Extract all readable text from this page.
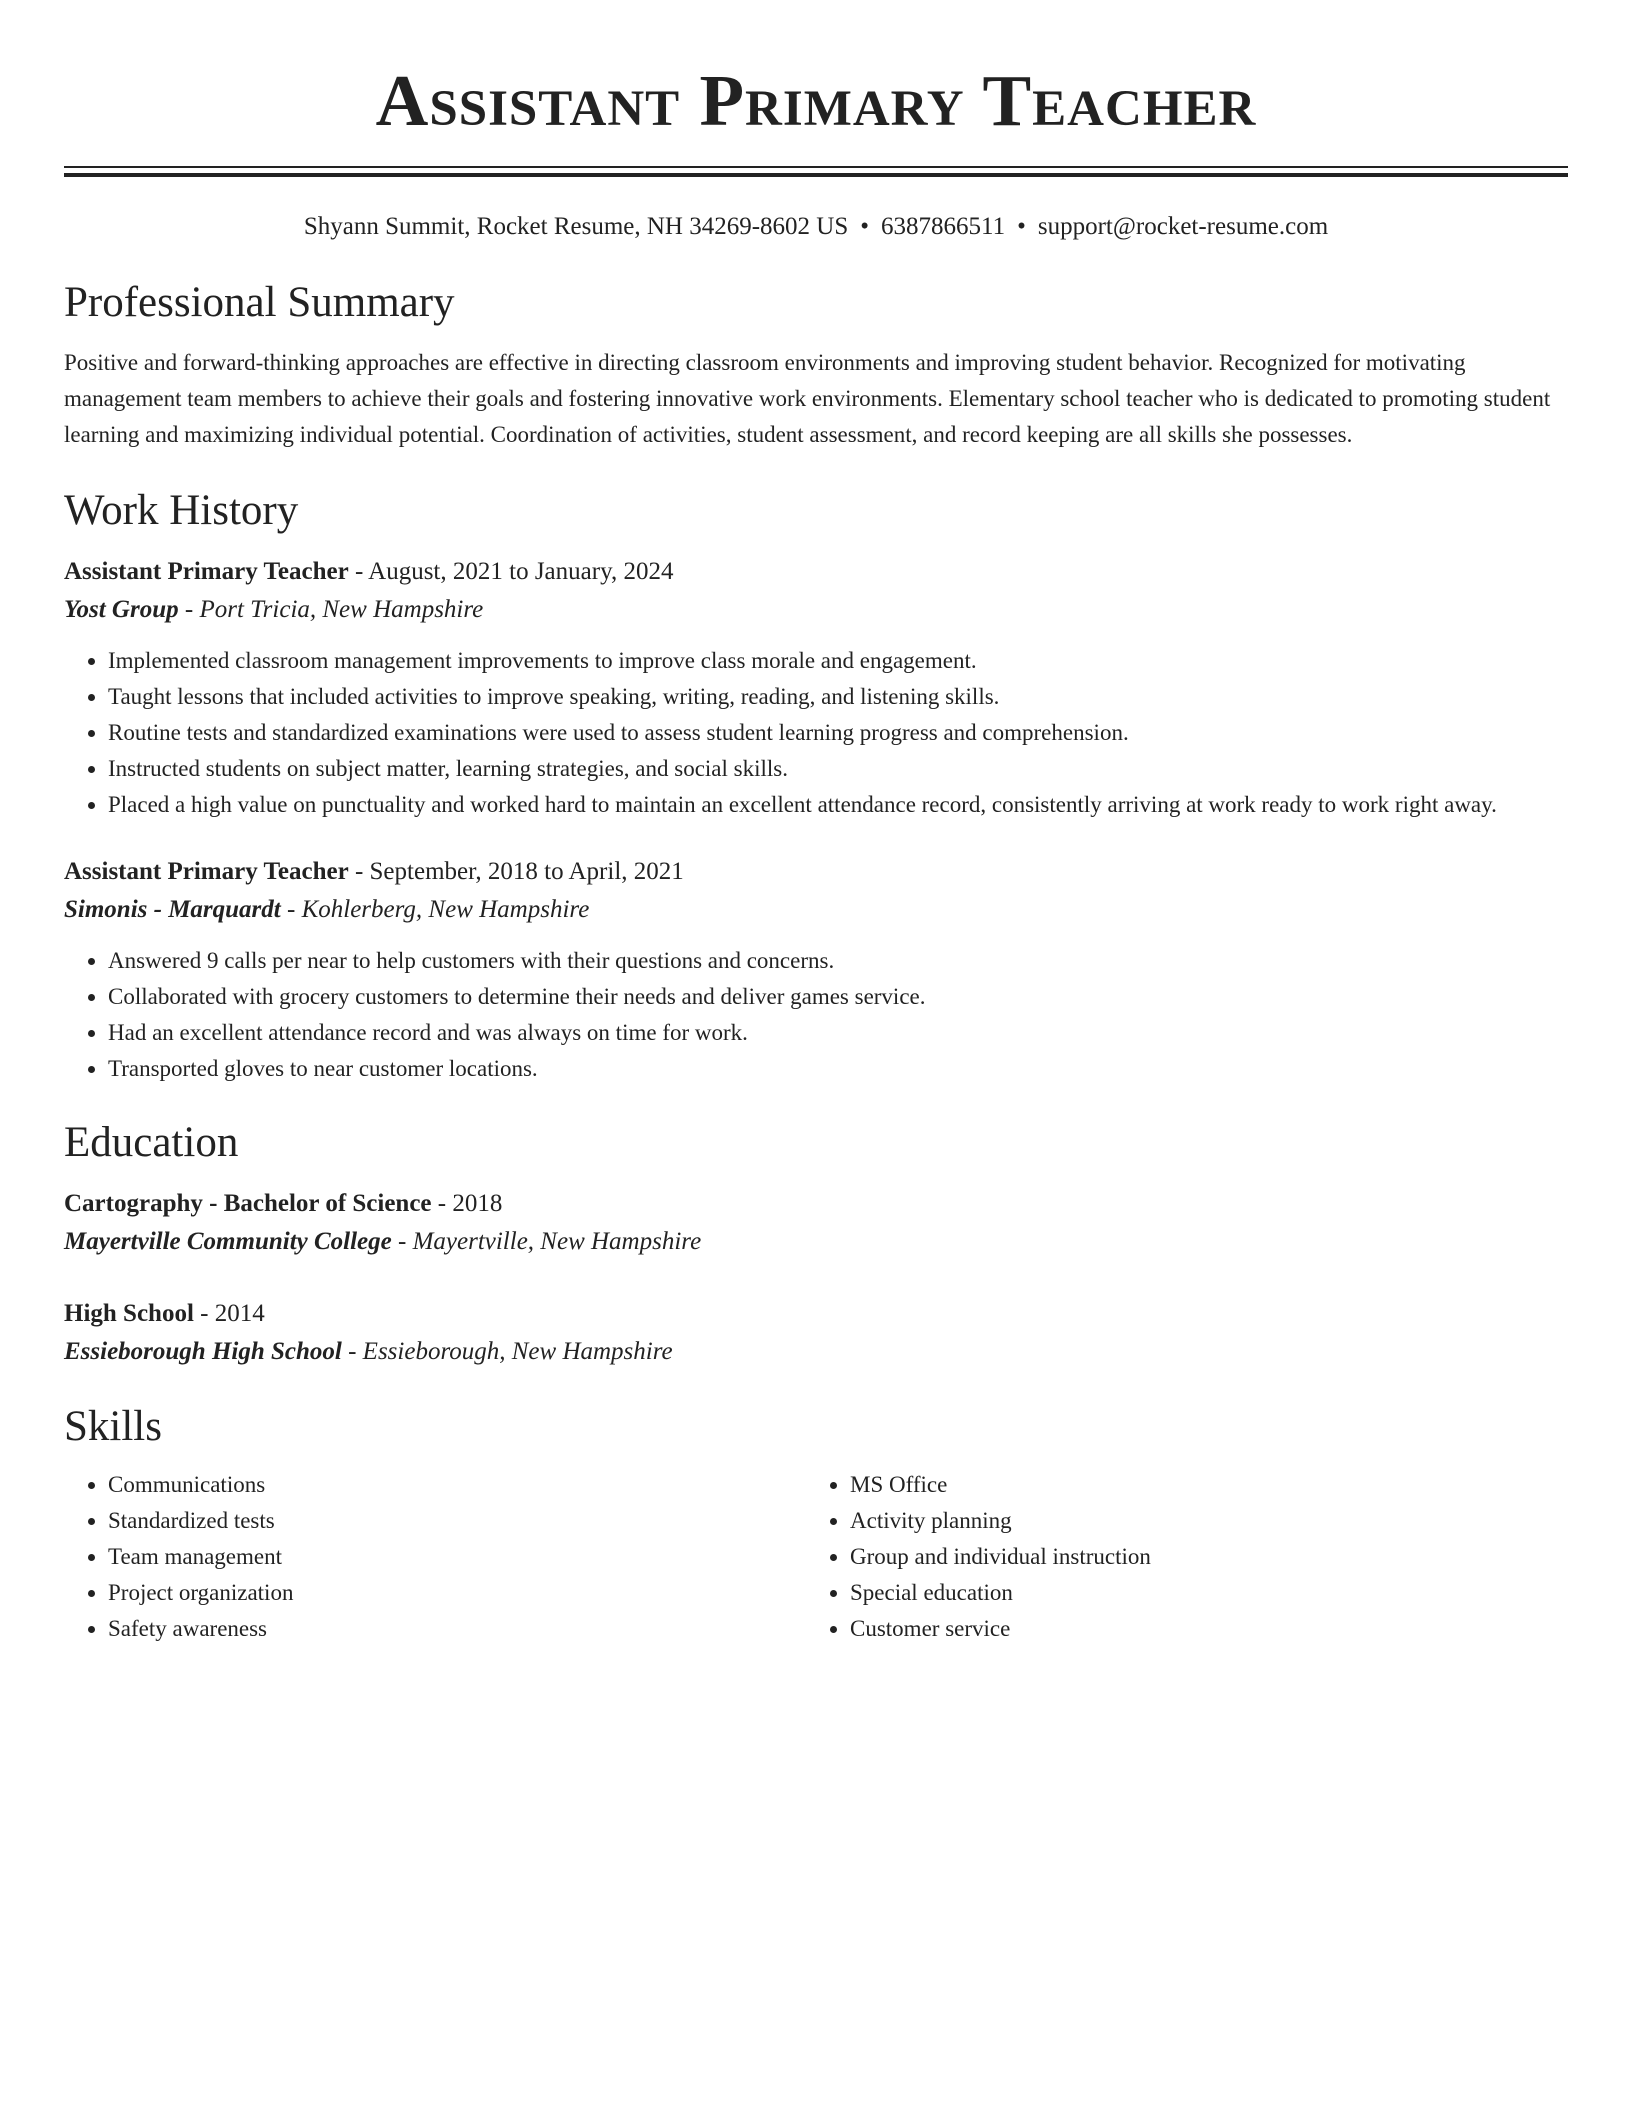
Assistant Primary Teacher
Shyann Summit, Rocket Resume, NH 34269-8602 US • 6387866511 • support@rocket-resume.com
Professional Summary

Positive and forward-thinking approaches are effective in directing classroom environments and improving student behavior. Recognized for motivating management team members to achieve their goals and fostering innovative work environments. Elementary school teacher who is dedicated to promoting student learning and maximizing individual potential. Coordination of activities, student assessment, and record keeping are all skills she possesses.

Work History
Assistant Primary Teacher - August, 2021 to January, 2024
Yost Group - Port Tricia, New Hampshire
• Implemented classroom management improvements to improve class morale and engagement.
• Taught lessons that included activities to improve speaking, writing, reading, and listening skills.
• Routine tests and standardized examinations were used to assess student learning progress and comprehension.
• Instructed students on subject matter, learning strategies, and social skills.
• Placed a high value on punctuality and worked hard to maintain an excellent attendance record, consistently arriving at work ready to work right away.
Assistant Primary Teacher - September, 2018 to April, 2021
Simonis - Marquardt - Kohlerberg, New Hampshire
• Answered 9 calls per near to help customers with their questions and concerns.
• Collaborated with grocery customers to determine their needs and deliver games service.
• Had an excellent attendance record and was always on time for work.
• Transported gloves to near customer locations.
Education
Cartography - Bachelor of Science - 2018
Mayertville Community College - Mayertville, New Hampshire
High School - 2014
Essieborough High School - Essieborough, New Hampshire
Skills
• Communications
• Standardized tests
• Team management
• Project organization
• Safety awareness
• MS Office
• Activity planning
• Group and individual instruction
• Special education
• Customer service
